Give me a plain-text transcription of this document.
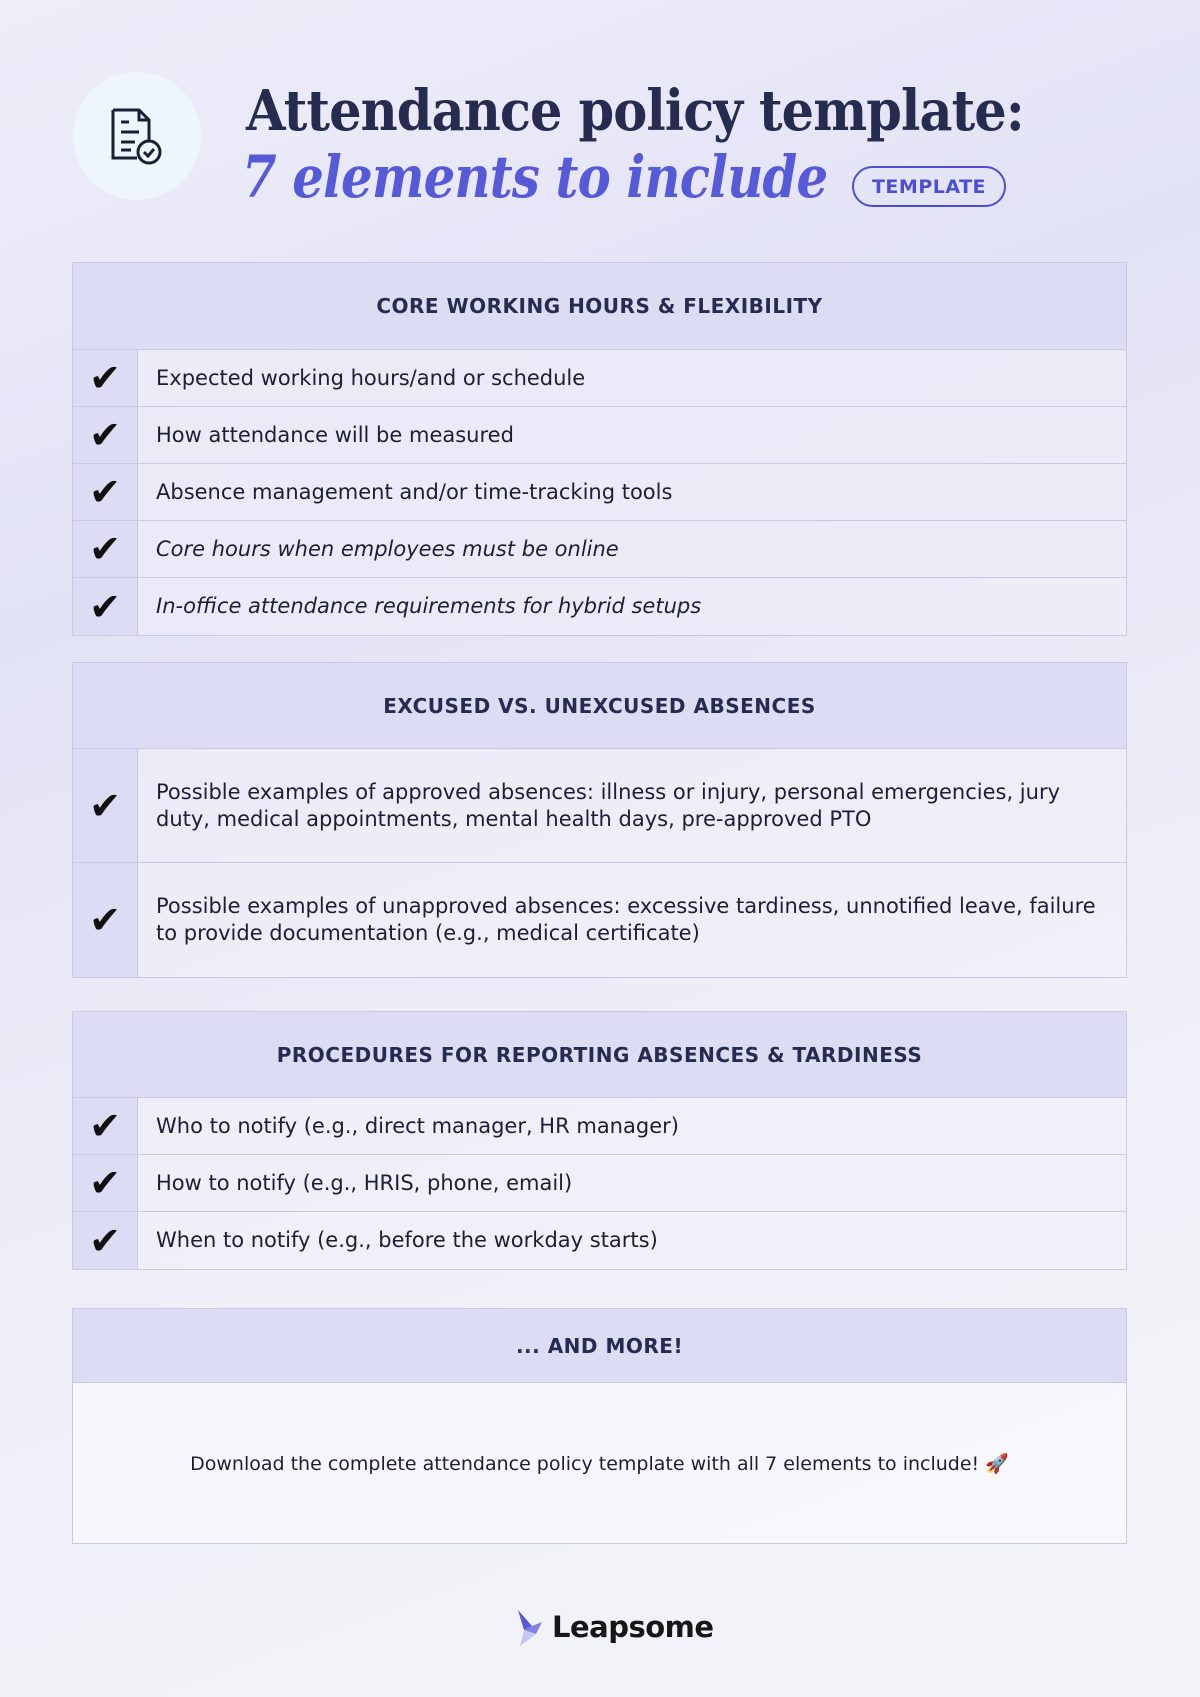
Attendance policy template:
7 elements to include	TEMPLATE
CORE WORKING HOURS & FLEXIBILITY
✔	Expected working hours/and or schedule
✔	How attendance will be measured
✔	Absence management and/or time-tracking tools
✔	Core hours when employees must be online
✔	In-office attendance requirements for hybrid setups
EXCUSED VS. UNEXCUSED ABSENCES
✔	Possible examples of approved absences: illness or injury, personal emergencies, jury duty, medical appointments, mental health days, pre-approved PTO
✔	Possible examples of unapproved absences: excessive tardiness, unnotified leave, failure to provide documentation (e.g., medical certificate)
PROCEDURES FOR REPORTING ABSENCES & TARDINESS
✔	Who to notify (e.g., direct manager, HR manager)
✔	How to notify (e.g., HRIS, phone, email)
✔	When to notify (e.g., before the workday starts)
... AND MORE!
Download the complete attendance policy template with all 7 elements to include! 🚀
Leapsome
